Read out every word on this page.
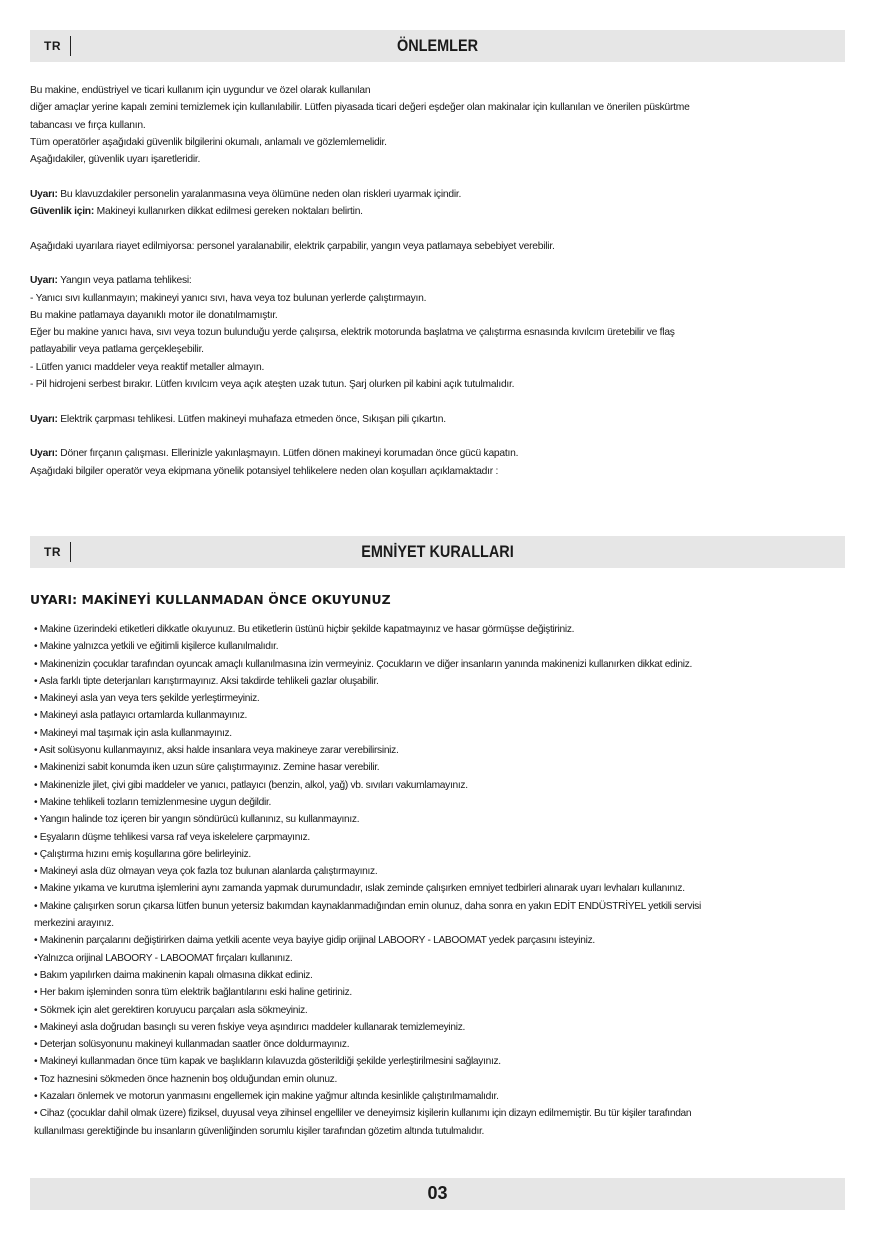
TR	ÖNLEMLER

Bu makine, endüstriyel ve ticari kullanım için uygundur ve özel olarak kullanılan

diğer amaçlar yerine kapalı zemini temizlemek için kullanılabilir. Lütfen piyasada ticari değeri eşdeğer olan makinalar için kullanılan ve önerilen püskürtme

tabancası ve fırça kullanın.

Tüm operatörler aşağıdaki güvenlik bilgilerini okumalı, anlamalı ve gözlemlemelidir.

Aşağıdakiler, güvenlik uyarı işaretleridir.

Uyarı: Bu klavuzdakiler personelin yaralanmasına veya ölümüne neden olan riskleri uyarmak içindir.

Güvenlik için: Makineyi kullanırken dikkat edilmesi gereken noktaları belirtin.

Aşağıdaki uyarılara riayet edilmiyorsa: personel yaralanabilir, elektrik çarpabilir, yangın veya patlamaya sebebiyet verebilir.

Uyarı: Yangın veya patlama tehlikesi:

- Yanıcı sıvı kullanmayın; makineyi yanıcı sıvı, hava veya toz bulunan yerlerde çalıştırmayın.

Bu makine patlamaya dayanıklı motor ile donatılmamıştır.

Eğer bu makine yanıcı hava, sıvı veya tozun bulunduğu yerde çalışırsa, elektrik motorunda başlatma ve çalıştırma esnasında kıvılcım üretebilir ve flaş

patlayabilir veya patlama gerçekleşebilir.

- Lütfen yanıcı maddeler veya reaktif metaller almayın.

- Pil hidrojeni serbest bırakır. Lütfen kıvılcım veya açık ateşten uzak tutun. Şarj olurken pil kabini açık tutulmalıdır.

Uyarı: Elektrik çarpması tehlikesi. Lütfen makineyi muhafaza etmeden önce, Sıkışan pili çıkartın.

Uyarı: Döner fırçanın çalışması. Ellerinizle yakınlaşmayın. Lütfen dönen makineyi korumadan önce gücü kapatın.

Aşağıdaki bilgiler operatör veya ekipmana yönelik potansiyel tehlikelere neden olan koşulları açıklamaktadır :

TR	EMNİYET KURALLARI
UYARI: MAKİNEYİ KULLANMADAN ÖNCE OKUYUNUZ
• Makine üzerindeki etiketleri dikkatle okuyunuz. Bu etiketlerin üstünü hiçbir şekilde kapatmayınız ve hasar görmüşse değiştiriniz.
• Makine yalnızca yetkili ve eğitimli kişilerce kullanılmalıdır.
• Makinenizin çocuklar tarafından oyuncak amaçlı kullanılmasına izin vermeyiniz. Çocukların ve diğer insanların yanında makinenizi kullanırken dikkat ediniz.
• Asla farklı tipte deterjanları karıştırmayınız. Aksi takdirde tehlikeli gazlar oluşabilir.
• Makineyi asla yan veya ters şekilde yerleştirmeyiniz.
• Makineyi asla patlayıcı ortamlarda kullanmayınız.
• Makineyi mal taşımak için asla kullanmayınız.
• Asit solüsyonu kullanmayınız, aksi halde insanlara veya makineye zarar verebilirsiniz.
• Makinenizi sabit konumda iken uzun süre çalıştırmayınız. Zemine hasar verebilir.
• Makinenizle jilet, çivi gibi maddeler ve yanıcı, patlayıcı (benzin, alkol, yağ) vb. sıvıları vakumlamayınız.
• Makine tehlikeli tozların temizlenmesine uygun değildir.
• Yangın halinde toz içeren bir yangın söndürücü kullanınız, su kullanmayınız.
• Eşyaların düşme tehlikesi varsa raf veya iskelelere çarpmayınız.
• Çalıştırma hızını emiş koşullarına göre belirleyiniz.
• Makineyi asla düz olmayan veya çok fazla toz bulunan alanlarda çalıştırmayınız.
• Makine yıkama ve kurutma işlemlerini aynı zamanda yapmak durumundadır, ıslak zeminde çalışırken emniyet tedbirleri alınarak uyarı levhaları kullanınız.
• Makine çalışırken sorun çıkarsa lütfen bunun yetersiz bakımdan kaynaklanmadığından emin olunuz, daha sonra en yakın EDİT ENDÜSTRİYEL yetkili servisi
merkezini arayınız.
• Makinenin parçalarını değiştirirken daima yetkili acente veya bayiye gidip orijinal LABOORY - LABOOMAT yedek parçasını isteyiniz.
•Yalnızca orijinal LABOORY - LABOOMAT fırçaları kullanınız.
• Bakım yapılırken daima makinenin kapalı olmasına dikkat ediniz.
• Her bakım işleminden sonra tüm elektrik bağlantılarını eski haline getiriniz.
• Sökmek için alet gerektiren koruyucu parçaları asla sökmeyiniz.
• Makineyi asla doğrudan basınçlı su veren fıskiye veya aşındırıcı maddeler kullanarak temizlemeyiniz.
• Deterjan solüsyonunu makineyi kullanmadan saatler önce doldurmayınız.
• Makineyi kullanmadan önce tüm kapak ve başlıkların kılavuzda gösterildiği şekilde yerleştirilmesini sağlayınız.
• Toz haznesini sökmeden önce haznenin boş olduğundan emin olunuz.
• Kazaları önlemek ve motorun yanmasını engellemek için makine yağmur altında kesinlikle çalıştırılmamalıdır.
• Cihaz (çocuklar dahil olmak üzere) fiziksel, duyusal veya zihinsel engelliler ve deneyimsiz kişilerin kullanımı için dizayn edilmemiştir. Bu tür kişiler tarafından
kullanılması gerektiğinde bu insanların güvenliğinden sorumlu kişiler tarafından gözetim altında tutulmalıdır.
03
